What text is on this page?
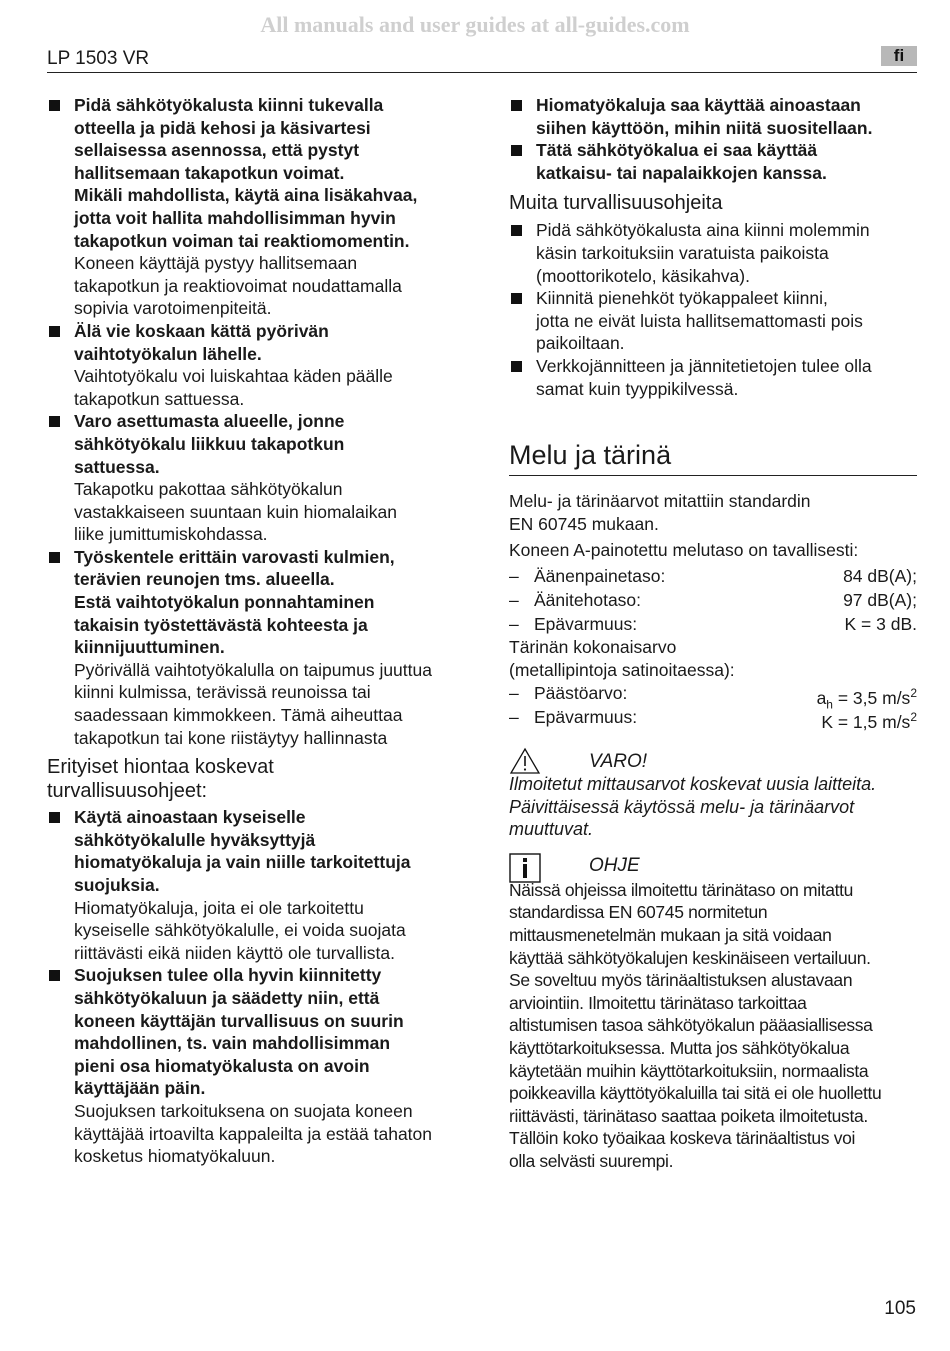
All manuals and user guides at all-guides.com
LP 1503 VR	fi

Pidä sähkötyökalusta kiinni tukevalla

otteella ja pidä kehosi ja käsivartesi

sellaisessa asennossa, että pystyt

hallitsemaan takapotkun voimat.

Mikäli mahdollista, käytä aina lisäkahvaa,

jotta voit hallita mahdollisimman hyvin

takapotkun voiman tai reaktiomomentin.

Koneen käyttäjä pystyy hallitsemaan

takapotkun ja reaktiovoimat noudattamalla

sopivia varotoimenpiteitä.

Älä vie koskaan kättä pyörivän

vaihtotyökalun lähelle.

Vaihtotyökalu voi luiskahtaa käden päälle

takapotkun sattuessa.

Varo asettumasta alueelle, jonne

sähkötyökalu liikkuu takapotkun

sattuessa.

Takapotku pakottaa sähkötyökalun

vastakkaiseen suuntaan kuin hiomalaikan

liike jumittumiskohdassa.

Työskentele erittäin varovasti kulmien,

terävien reunojen tms. alueella.

Estä vaihtotyökalun ponnahtaminen

takaisin työstettävästä kohteesta ja

kiinnijuuttuminen.

Pyörivällä vaihtotyökalulla on taipumus juuttua

kiinni kulmissa, terävissä reunoissa tai

saadessaan kimmokkeen. Tämä aiheuttaa

takapotkun tai kone riistäytyy hallinnasta

Erityiset hiontaa koskevat

turvallisuusohjeet:

Käytä ainoastaan kyseiselle

sähkötyökalulle hyväksyttyjä

hiomatyökaluja ja vain niille tarkoitettuja

suojuksia.

Hiomatyökaluja, joita ei ole tarkoitettu

kyseiselle sähkötyökalulle, ei voida suojata

riittävästi eikä niiden käyttö ole turvallista.

Suojuksen tulee olla hyvin kiinnitetty

sähkötyökaluun ja säädetty niin, että

koneen käyttäjän turvallisuus on suurin

mahdollinen, ts. vain mahdollisimman

pieni osa hiomatyökalusta on avoin

käyttäjään päin.

Suojuksen tarkoituksena on suojata koneen

käyttäjää irtoavilta kappaleilta ja estää tahaton

kosketus hiomatyökaluun.

Hiomatyökaluja saa käyttää ainoastaan

siihen käyttöön, mihin niitä suositellaan.

Tätä sähkötyökalua ei saa käyttää

katkaisu- tai napalaikkojen kanssa.

Muita turvallisuusohjeita

Pidä sähkötyökalusta aina kiinni molemmin

käsin tarkoituksiin varatuista paikoista

(moottorikotelo, käsikahva).

Kiinnitä pienehköt työkappaleet kiinni,

jotta ne eivät luista hallitsemattomasti pois

paikoiltaan.

Verkkojännitteen ja jännitetietojen tulee olla

samat kuin tyyppikilvessä.

Melu ja tärinä

Melu- ja tärinäarvot mitattiin standardin

EN 60745 mukaan.

Koneen A-painotettu melutaso on tavallisesti:

– Äänenpainetaso:	84 dB(A);
– Äänitehotaso:	97 dB(A);
– Epävarmuus:	K = 3 dB.

Tärinän kokonaisarvo

(metallipintoja satinoitaessa):

– Päästöarvo:	$a_h = 3,5$ $m/s^2$
– Epävarmuus:	K = 1,5 $m/s^2$
VARO!

Ilmoitetut mittausarvot koskevat uusia laitteita.

Päivittäisessä käytössä melu- ja tärinäarvot

muuttuvat.

OHJE

Näissä ohjeissa ilmoitettu tärinätaso on mitattu

standardissa EN 60745 normitetun

mittausmenetelmän mukaan ja sitä voidaan

käyttää sähkötyökalujen keskinäiseen vertailuun.

Se soveltuu myös tärinäaltistuksen alustavaan

arviointiin. Ilmoitettu tärinätaso tarkoittaa

altistumisen tasoa sähkötyökalun pääasiallisessa

käyttötarkoituksessa. Mutta jos sähkötyökalua

käytetään muihin käyttötarkoituksiin, normaalista

poikkeavilla käyttötyökaluilla tai sitä ei ole huollettu

riittävästi, tärinätaso saattaa poiketa ilmoitetusta.

Tällöin koko työaikaa koskeva tärinäaltistus voi

olla selvästi suurempi.

105
